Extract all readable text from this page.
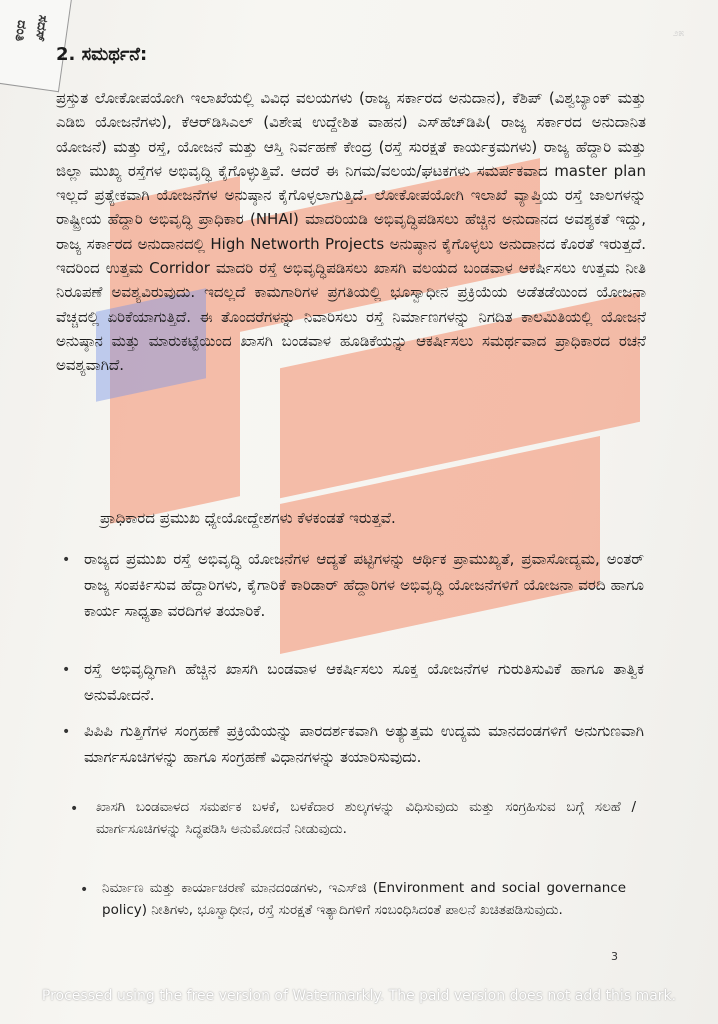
ಸದಸ್
ದಂತಿ	೨೫
2. ಸಮರ್ಥನೆ:

ಪ್ರಸ್ತುತ ಲೋಕೋಪಯೋಗಿ ಇಲಾಖೆಯಲ್ಲಿ ವಿವಿಧ ವಲಯಗಳು (ರಾಜ್ಯ ಸರ್ಕಾರದ ಅನುದಾನ), ಕೆಶಿಪ್ (ವಿಶ್ವಬ್ಯಾಂಕ್ ಮತ್ತು ಎಡಿಬಿ ಯೋಜನೆಗಳು), ಕೆಆರ್‌ಡಿಸಿಎಲ್ (ವಿಶೇಷ ಉದ್ದೇಶಿತ ವಾಹನ) ಎಸ್‌ಹೆಚ್‌ಡಿಪಿ( ರಾಜ್ಯ ಸರ್ಕಾರದ ಅನುದಾನಿತ ಯೋಜನೆ) ಮತ್ತು ರಸ್ತೆ, ಯೋಜನೆ ಮತ್ತು ಆಸ್ತಿ ನಿರ್ವಹಣೆ ಕೇಂದ್ರ (ರಸ್ತೆ ಸುರಕ್ಷತೆ ಕಾರ್ಯಕ್ರಮಗಳು) ರಾಜ್ಯ ಹೆದ್ದಾರಿ ಮತ್ತು ಜಿಲ್ಲಾ ಮುಖ್ಯ ರಸ್ತೆಗಳ ಅಭಿವೃದ್ಧಿ ಕೈಗೊಳ್ಳುತ್ತಿವೆ. ಆದರೆ ಈ ನಿಗಮ/ವಲಯ/ಘಟಕಗಳು ಸಮರ್ಪಕವಾದ master plan ಇಲ್ಲದೆ ಪ್ರತ್ಯೇಕವಾಗಿ ಯೋಜನೆಗಳ ಅನುಷ್ಠಾನ ಕೈಗೊಳ್ಳಲಾಗುತ್ತಿದೆ. ಲೋಕೋಪಯೋಗಿ ಇಲಾಖೆ ವ್ಯಾಪ್ತಿಯ ರಸ್ತೆ ಜಾಲಗಳನ್ನು ರಾಷ್ಟ್ರೀಯ ಹೆದ್ದಾರಿ ಅಭಿವೃದ್ಧಿ ಪ್ರಾಧಿಕಾರ (NHAI) ಮಾದರಿಯಡಿ ಅಭಿವೃದ್ಧಿಪಡಿಸಲು ಹೆಚ್ಚಿನ ಅನುದಾನದ ಅವಶ್ಯಕತೆ ಇದ್ದು, ರಾಜ್ಯ ಸರ್ಕಾರದ ಅನುದಾನದಲ್ಲಿ High Networth Projects ಅನುಷ್ಠಾನ ಕೈಗೊಳ್ಳಲು ಅನುದಾನದ ಕೊರತೆ ಇರುತ್ತದೆ. ಇದರಿಂದ ಉತ್ತಮ Corridor ಮಾದರಿ ರಸ್ತೆ ಅಭಿವೃದ್ಧಿಪಡಿಸಲು ಖಾಸಗಿ ವಲಯದ ಬಂಡವಾಳ ಆಕರ್ಷಿಸಲು ಉತ್ತಮ ನೀತಿ ನಿರೂಪಣೆ ಅವಶ್ಯವಿರುವುದು. ಇದಲ್ಲದೆ ಕಾಮಗಾರಿಗಳ ಪ್ರಗತಿಯಲ್ಲಿ ಭೂಸ್ವಾಧೀನ ಪ್ರಕ್ರಿಯೆಯ ಅಡೆತಡೆಯಿಂದ ಯೋಜನಾ ವೆಚ್ಚದಲ್ಲಿ ಏರಿಕೆಯಾಗುತ್ತಿದೆ. ಈ ತೊಂದರೆಗಳನ್ನು ನಿವಾರಿಸಲು ರಸ್ತೆ ನಿರ್ಮಾಣಗಳನ್ನು ನಿಗದಿತ ಕಾಲಮಿತಿಯಲ್ಲಿ ಯೋಜನೆ ಅನುಷ್ಠಾನ ಮತ್ತು ಮಾರುಕಟ್ಟೆಯಿಂದ ಖಾಸಗಿ ಬಂಡವಾಳ ಹೂಡಿಕೆಯನ್ನು ಆಕರ್ಷಿಸಲು ಸಮರ್ಥವಾದ ಪ್ರಾಧಿಕಾರದ ರಚನೆ ಅವಶ್ಯವಾಗಿದೆ.

ಪ್ರಾಧಿಕಾರದ ಪ್ರಮುಖ ಧ್ಯೇಯೋದ್ದೇಶಗಳು ಕೆಳಕಂಡತೆ ಇರುತ್ತವೆ.
• ರಾಜ್ಯದ ಪ್ರಮುಖ ರಸ್ತೆ ಅಭಿವೃದ್ಧಿ ಯೋಜನೆಗಳ ಆದ್ಯತೆ ಪಟ್ಟಿಗಳನ್ನು ಆರ್ಥಿಕ ಪ್ರಾಮುಖ್ಯತೆ, ಪ್ರವಾಸೋದ್ಯಮ, ಅಂತರ್ ರಾಜ್ಯ ಸಂಪರ್ಕಿಸುವ ಹೆದ್ದಾರಿಗಳು, ಕೈಗಾರಿಕೆ ಕಾರಿಡಾರ್ ಹೆದ್ದಾರಿಗಳ ಅಭಿವೃದ್ಧಿ ಯೋಜನೆಗಳಿಗೆ ಯೋಜನಾ ವರದಿ ಹಾಗೂ ಕಾರ್ಯ ಸಾಧ್ಯತಾ ವರದಿಗಳ ತಯಾರಿಕೆ.

• ರಸ್ತೆ ಅಭಿವೃದ್ಧಿಗಾಗಿ ಹೆಚ್ಚಿನ ಖಾಸಗಿ ಬಂಡವಾಳ ಆಕರ್ಷಿಸಲು ಸೂಕ್ತ ಯೋಜನೆಗಳ ಗುರುತಿಸುವಿಕೆ ಹಾಗೂ ತಾತ್ವಿಕ ಅನುಮೋದನೆ.

• ಪಿಪಿಪಿ ಗುತ್ತಿಗೆಗಳ ಸಂಗ್ರಹಣೆ ಪ್ರಕ್ರಿಯೆಯನ್ನು ಪಾರದರ್ಶಕವಾಗಿ ಅತ್ಯುತ್ತಮ ಉದ್ಯಮ ಮಾನದಂಡಗಳಿಗೆ ಅನುಗುಣವಾಗಿ ಮಾರ್ಗಸೂಚಿಗಳನ್ನು ಹಾಗೂ ಸಂಗ್ರಹಣೆ ವಿಧಾನಗಳನ್ನು ತಯಾರಿಸುವುದು.

• ಖಾಸಗಿ ಬಂಡವಾಳದ ಸಮರ್ಪಕ ಬಳಕೆ, ಬಳಕೆದಾರ ಶುಲ್ಕಗಳನ್ನು ವಿಧಿಸುವುದು ಮತ್ತು ಸಂಗ್ರಹಿಸುವ ಬಗ್ಗೆ ಸಲಹೆ / ಮಾರ್ಗಸೂಚಿಗಳನ್ನು ಸಿದ್ಧಪಡಿಸಿ ಅನುಮೋದನೆ ನೀಡುವುದು.

• ನಿರ್ಮಾಣ ಮತ್ತು ಕಾರ್ಯಾಚರಣೆ ಮಾನದಂಡಗಳು, ಇಎಸ್‌ಜಿ (Environment and social governance policy) ನೀತಿಗಳು, ಭೂಸ್ವಾಧೀನ, ರಸ್ತೆ ಸುರಕ್ಷತೆ ಇತ್ಯಾದಿಗಳಿಗೆ ಸಂಬಂಧಿಸಿದಂತೆ ಪಾಲನೆ ಖಚಿತಪಡಿಸುವುದು.

3
Processed using the free version of Watermarkly. The paid version does not add this mark.
